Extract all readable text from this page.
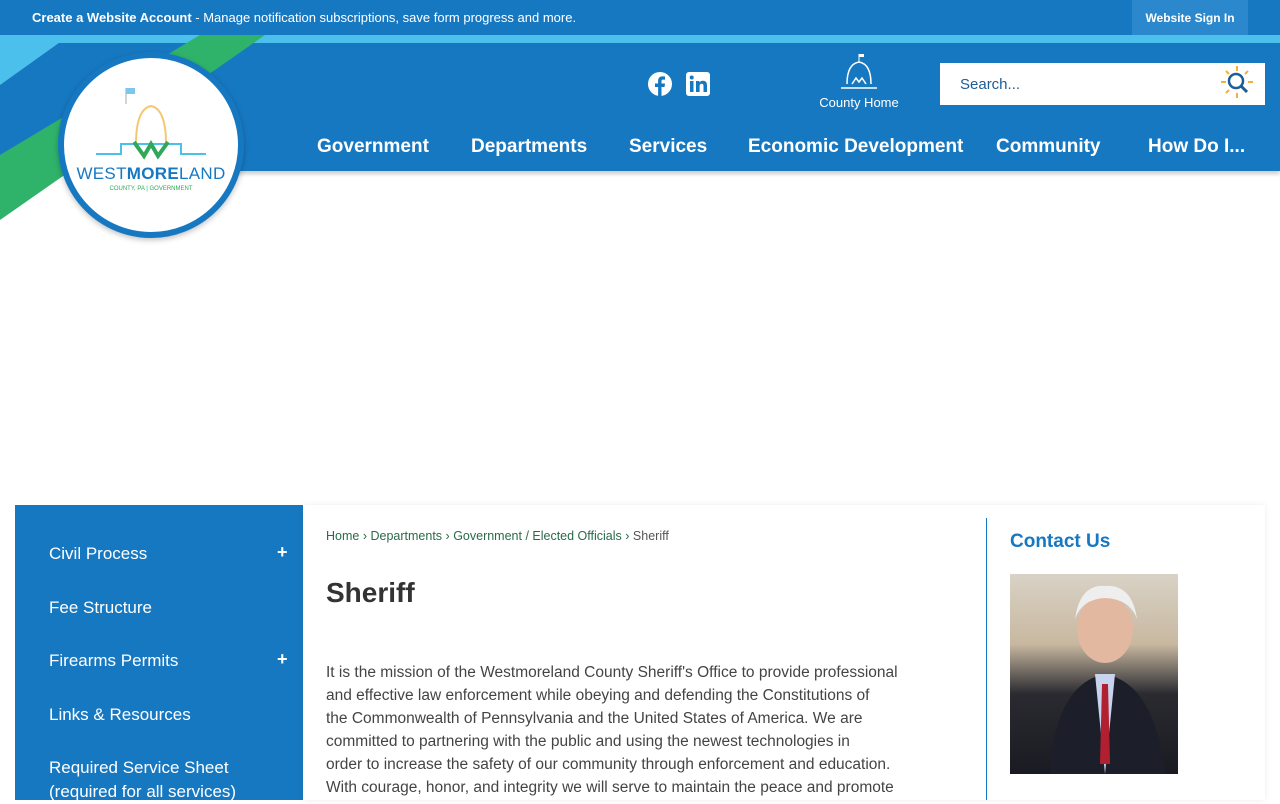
Create a Website Account - Manage notification subscriptions, save form progress and more.	Website Sign In
WESTMORELAND
COUNTY, PA | GOVERNMENT
County Home
Search...
Government Departments Services Economic Development Community	How Do I...
Civil Process	+
Fee Structure
Firearms Permits	+
Links & Resources
Required Service Sheet (required for all services)
Home › Departments › Government / Elected Officials › Sheriff
Sheriff
It is the mission of the Westmoreland County Sheriff's Office to provide professional
and effective law enforcement while obeying and defending the Constitutions of
the Commonwealth of Pennsylvania and the United States of America. We are
committed to partnering with the public and using the newest technologies in
order to increase the safety of our community through enforcement and education.
With courage, honor, and integrity we will serve to maintain the peace and promote
Contact Us
